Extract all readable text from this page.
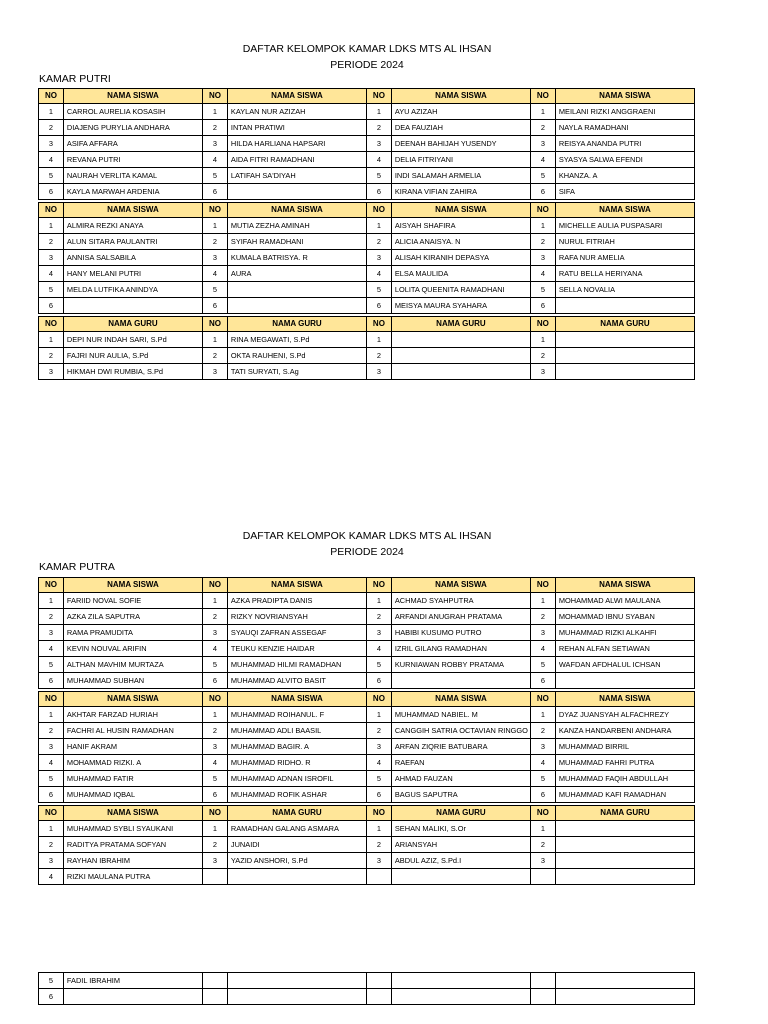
DAFTAR KELOMPOK KAMAR LDKS MTS AL IHSAN
PERIODE 2024
KAMAR PUTRI
NO	NAMA SISWA	NO	NAMA SISWA	NO	NAMA SISWA	NO	NAMA SISWA
1	CARROL AURELIA KOSASIH	1	KAYLAN NUR AZIZAH	1	AYU AZIZAH	1	MEILANI RIZKI ANGGRAENI
2	DIAJENG PURYLIA ANDHARA	2	INTAN PRATIWI	2	DEA FAUZIAH	2	NAYLA RAMADHANI
3	ASIFA AFFARA	3	HILDA HARLIANA HAPSARI	3	DEENAH BAHIJAH YUSENDY	3	REISYA ANANDA PUTRI
4	REVANA PUTRI	4	AIDA FITRI RAMADHANI	4	DELIA FITRIYANI	4	SYASYA SALWA EFENDI
5	NAURAH VERLITA KAMAL	5	LATIFAH SA'DIYAH	5	INDI SALAMAH ARMELIA	5	KHANZA. A
6	KAYLA MARWAH ARDENIA	6		6	KIRANA VIFIAN ZAHIRA	6	SIFA

NO	NAMA SISWA	NO	NAMA SISWA	NO	NAMA SISWA	NO	NAMA SISWA
1	ALMIRA REZKI ANAYA	1	MUTIA ZEZHA AMINAH	1	AISYAH SHAFIRA	1	MICHELLE AULIA PUSPASARI
2	ALUN SITARA PAULANTRI	2	SYIFAH RAMADHANI	2	ALICIA ANAISYA. N	2	NURUL FITRIAH
3	ANNISA SALSABILA	3	KUMALA BATRISYA. R	3	ALISAH KIRANIH DEPASYA	3	RAFA NUR AMELIA
4	HANY MELANI PUTRI	4	AURA	4	ELSA MAULIDA	4	RATU BELLA HERIYANA
5	MELDA LUTFIKA ANINDYA	5		5	LOLITA QUEENITA RAMADHANI	5	SELLA NOVALIA
6		6		6	MEISYA MAURA SYAHARA	6	

NO	NAMA GURU	NO	NAMA GURU	NO	NAMA GURU	NO	NAMA GURU
1	DEPI NUR INDAH SARI, S.Pd	1	RINA MEGAWATI, S.Pd	1		1	
2	FAJRI NUR AULIA, S.Pd	2	OKTA RAUHENI, S.Pd	2		2	
3	HIKMAH DWI RUMBIA, S.Pd	3	TATI SURYATI, S.Ag	3		3	
DAFTAR KELOMPOK KAMAR LDKS MTS AL IHSAN
PERIODE 2024
KAMAR PUTRA
NO	NAMA SISWA	NO	NAMA SISWA	NO	NAMA SISWA	NO	NAMA SISWA
1	FARIID NOVAL SOFIE	1	AZKA PRADIPTA DANIS	1	ACHMAD SYAHPUTRA	1	MOHAMMAD ALWI MAULANA
2	AZKA ZILA SAPUTRA	2	RIZKY NOVRIANSYAH	2	ARFANDI ANUGRAH PRATAMA	2	MOHAMMAD IBNU SYABAN
3	RAMA PRAMUDITA	3	SYAUQI ZAFRAN ASSEGAF	3	HABIBI KUSUMO PUTRO	3	MUHAMMAD RIZKI ALKAHFI
4	KEVIN NOUVAL ARIFIN	4	TEUKU KENZIE HAIDAR	4	IZRIL GILANG RAMADHAN	4	REHAN ALFAN SETIAWAN
5	ALTHAN MAVHIM MURTAZA	5	MUHAMMAD HILMI RAMADHAN	5	KURNIAWAN ROBBY PRATAMA	5	WAFDAN AFDHALUL ICHSAN
6	MUHAMMAD SUBHAN	6	MUHAMMAD ALVITO BASIT	6		6	

NO	NAMA SISWA	NO	NAMA SISWA	NO	NAMA SISWA	NO	NAMA SISWA
1	AKHTAR FARZAD HURIAH	1	MUHAMMAD ROIHANUL. F	1	MUHAMMAD NABIEL. M	1	DYAZ JUANSYAH ALFACHREZY
2	FACHRI AL HUSIN RAMADHAN	2	MUHAMMAD ADLI BAASIL	2	CANGGIH SATRIA OCTAVIAN RINGGO	2	KANZA HANDARBENI ANDHARA
3	HANIF AKRAM	3	MUHAMMAD BAGIR. A	3	ARFAN ZIQRIE BATUBARA	3	MUHAMMAD BIRRIL
4	MOHAMMAD RIZKI. A	4	MUHAMMAD RIDHO. R	4	RAEFAN	4	MUHAMMAD FAHRI PUTRA
5	MUHAMMAD FATIR	5	MUHAMMAD ADNAN ISROFIL	5	AHMAD FAUZAN	5	MUHAMMAD FAQIH ABDULLAH
6	MUHAMMAD IQBAL	6	MUHAMMAD ROFIK ASHAR	6	BAGUS SAPUTRA	6	MUHAMMAD KAFI RAMADHAN

NO	NAMA SISWA	NO	NAMA GURU	NO	NAMA GURU	NO	NAMA GURU
1	MUHAMMAD SYBLI SYAUKANI	1	RAMADHAN GALANG ASMARA	1	SEHAN MALIKI, S.Or	1	
2	RADITYA PRATAMA SOFYAN	2	JUNAIDI	2	ARIANSYAH	2	
3	RAYHAN IBRAHIM	3	YAZID ANSHORI, S.Pd	3	ABDUL AZIZ, S.Pd.I	3	
4	RIZKI MAULANA PUTRA						
5	FADIL IBRAHIM						
6							
